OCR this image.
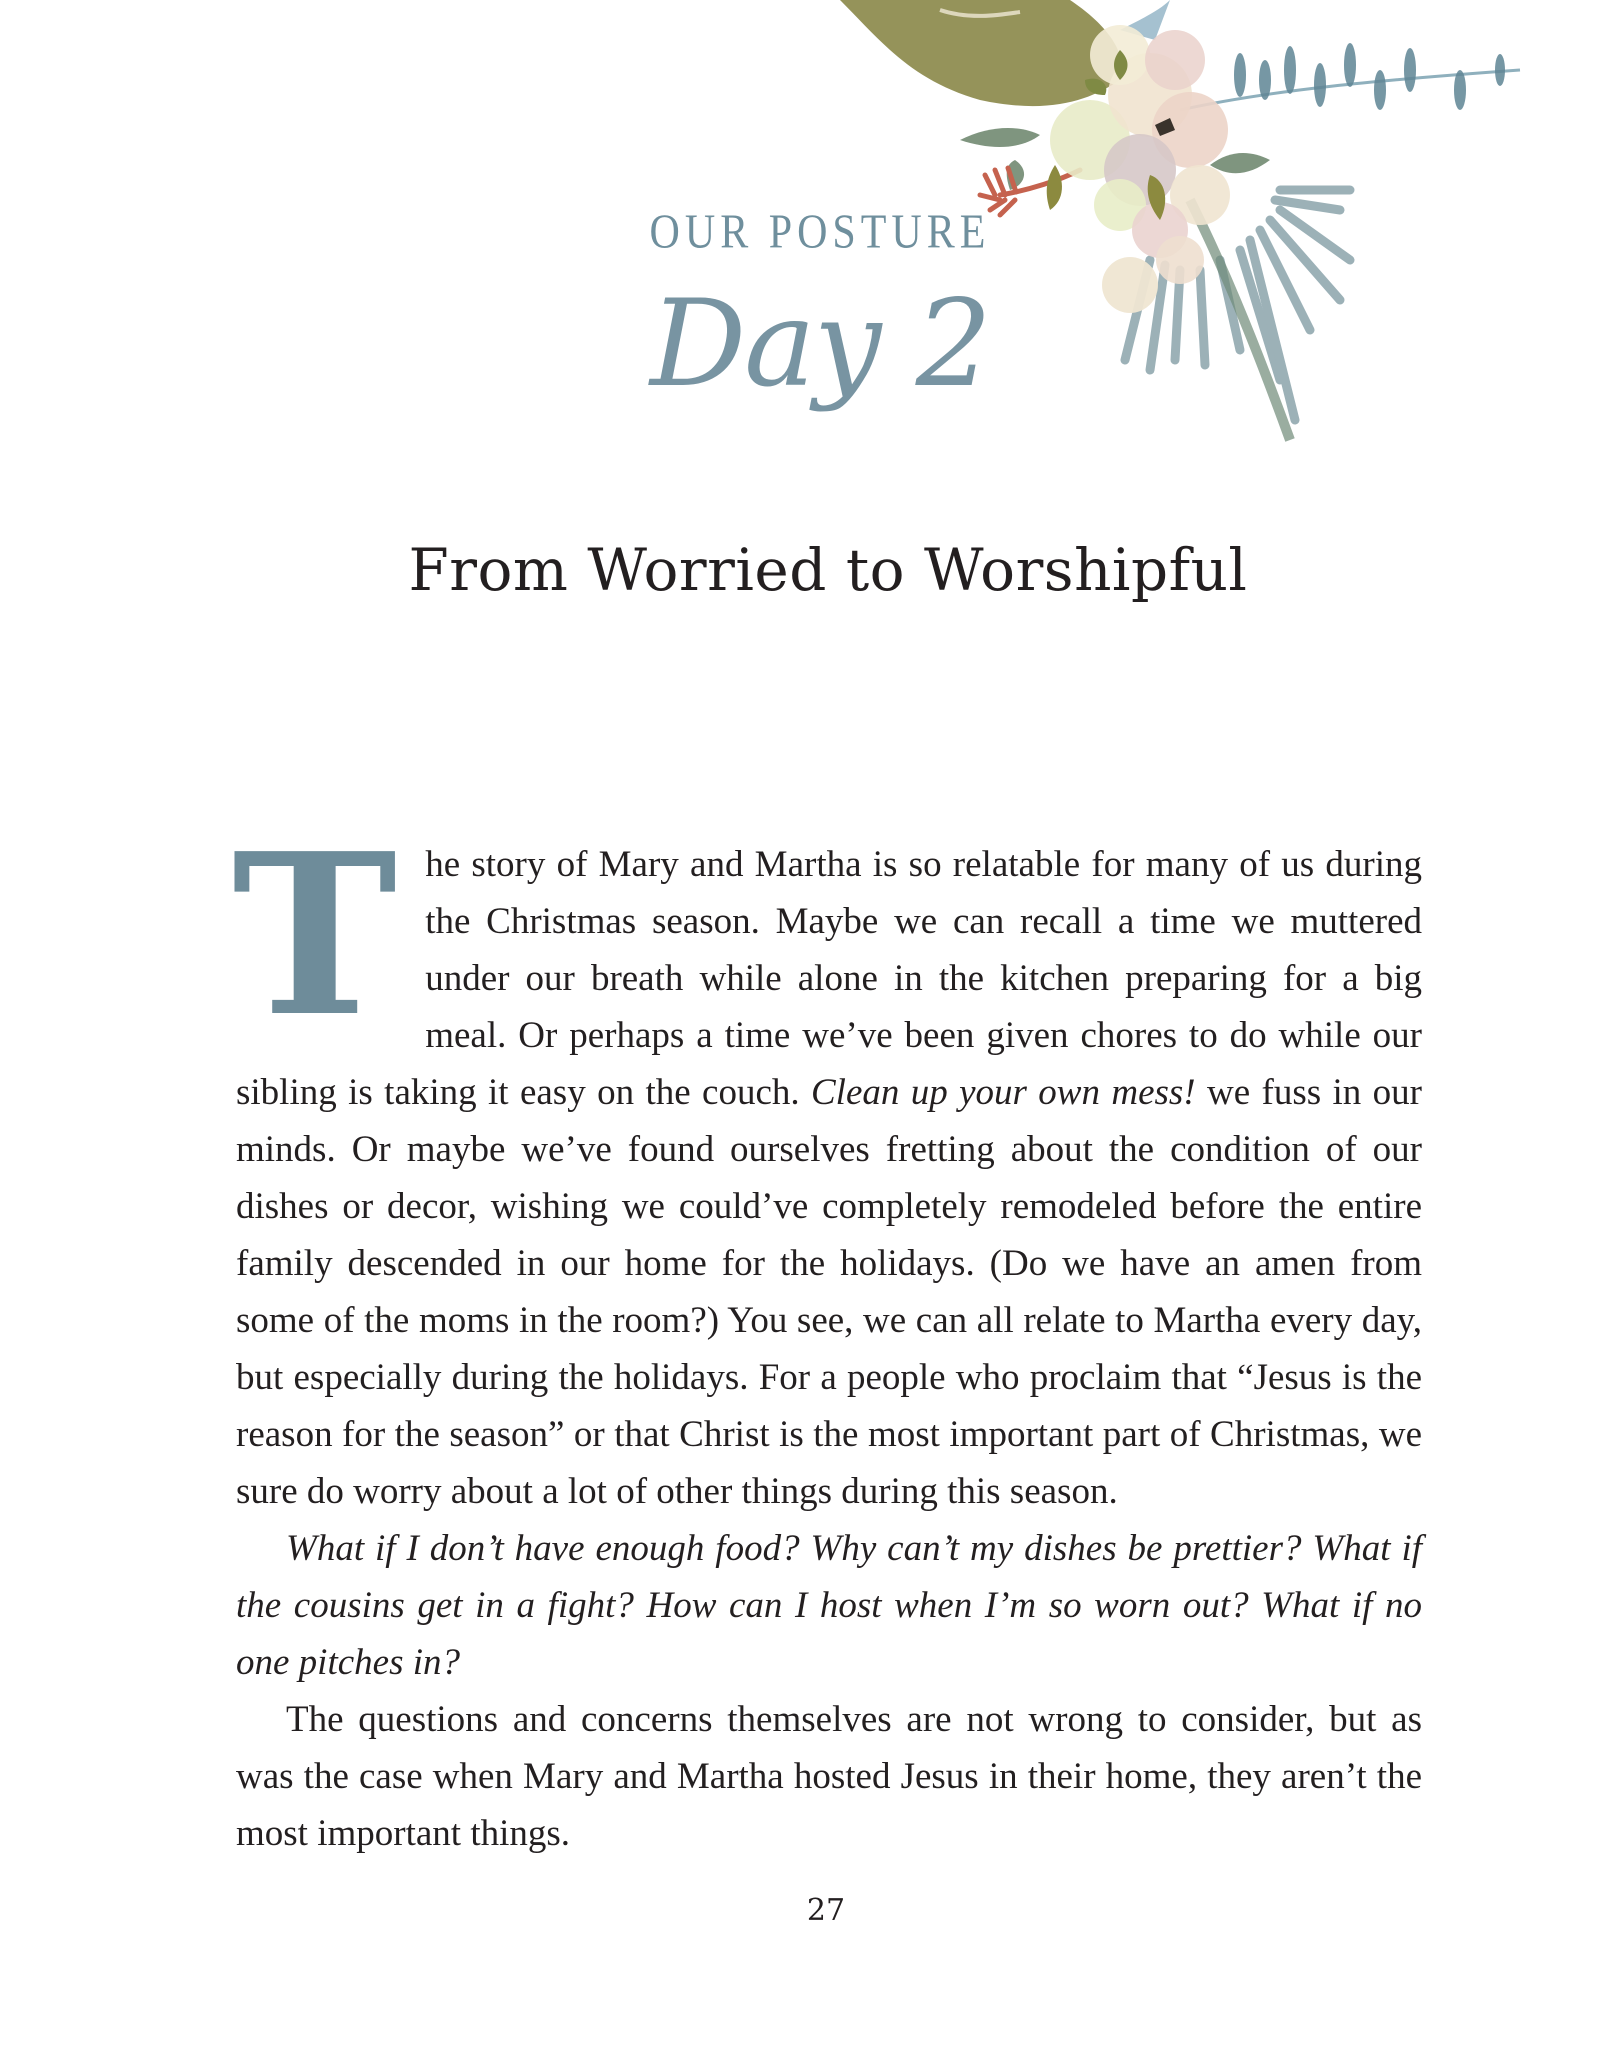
OUR POSTURE
Day 2
From Worried to Worshipful

The story of Mary and Martha is so relatable for many of us during the Christmas season. Maybe we can recall a time we muttered under our breath while alone in the kitchen preparing for a big meal. Or perhaps a time we’ve been given chores to do while our sibling is taking it easy on the couch. Clean up your own mess! we fuss in our minds. Or maybe we’ve found ourselves fretting about the condition of our dishes or decor, wishing we could’ve completely remodeled before the entire family descended in our home for the holidays. (Do we have an amen from some of the moms in the room?) You see, we can all relate to Martha every day, but especially during the holidays. For a people who proclaim that “Jesus is the reason for the season” or that Christ is the most important part of Christmas, we sure do worry about a lot of other things during this season.

What if I don’t have enough food? Why can’t my dishes be prettier? What if the cousins get in a fight? How can I host when I’m so worn out? What if no one pitches in?

The questions and concerns themselves are not wrong to consider, but as was the case when Mary and Martha hosted Jesus in their home, they aren’t the most important things.

27
